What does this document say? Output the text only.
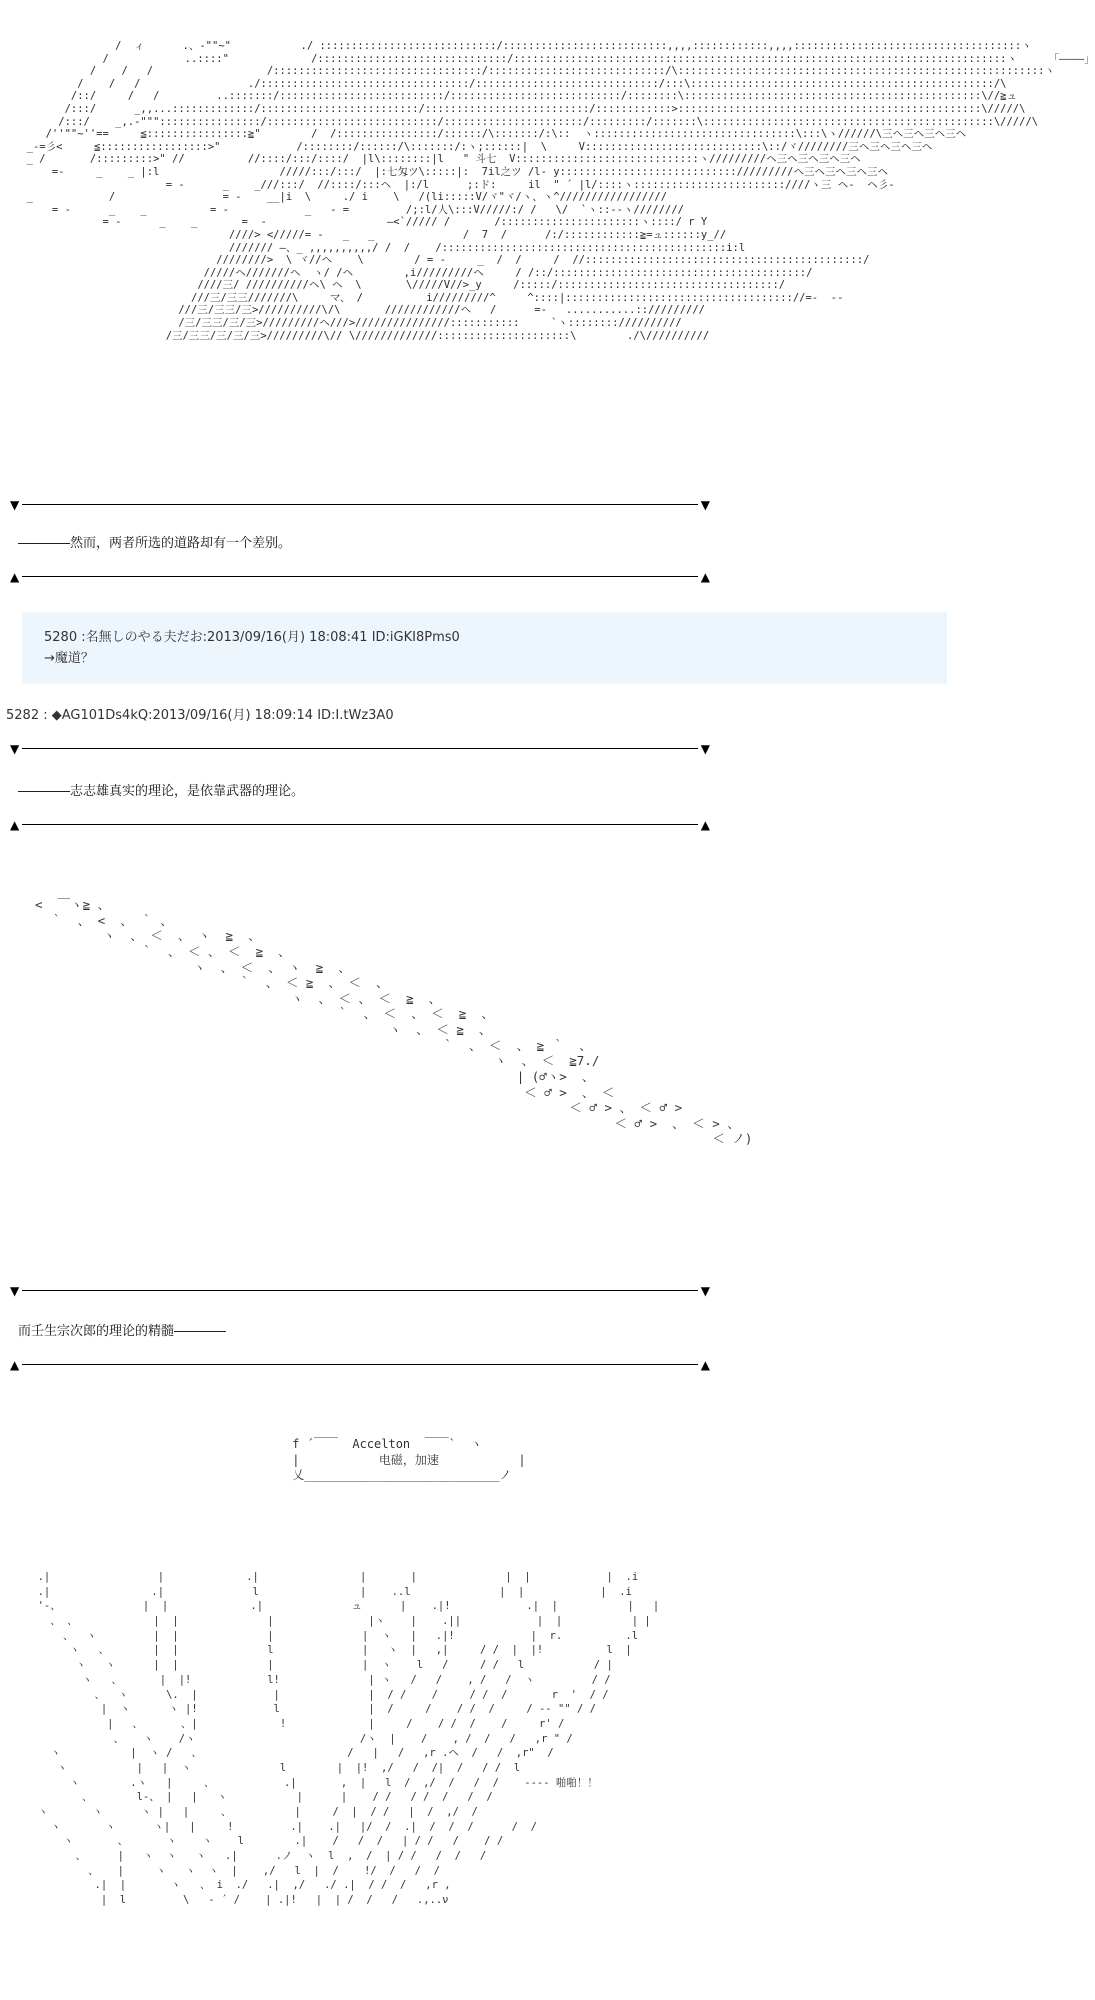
/  ィ      .、-""~"           ./ ::::::::::::::::::::::::::::/::::::::::::::::::::::::::,,,,::::::::::::,,,,::::::::::::::::::::::::::::::::::::ヽ
/            ..::::"             /::::::::::::::::::::::::::::::/::::::::::::::::::::::::::::::::::::::::::::::::::::::::::::::::::::::::::::::ヽ     「――――」
/    /   /                  /:::::::::::::::::::::::::::::::::/::::::::::::::::::::::::::::/\::::::::::::::::::::::::::::::::::::::::::::::::::::::::::ヽ
/    /   /                 ./:::::::::::::::::::::::::::::::::/:::::::::::::::::::::::::::::/:::\::::::::::::::::::::::::::::::::::::::::::::::::/\
/::/     /   /         ..:::::::/::::::::::::::::::::::::::/:::::::::::::::::::::::::::/::::::::\:::::::::::::::::::::::::::::::::::::::::::::::\//≧ュ
/:::/      _,,...:::::::::::::/:::::::::::::::::::::::::/::::::::::::::::::::::::::/::::::::::::>::::::::::::::::::::::::::::::::::::::::::::::::\/////\
/:::/    _,.-"""::::::::::::::::/:::::::::::::::::::::::::::/::::::::::::::::::::::/:::::::::/:::::::\::::::::::::::::::::::::::::::::::::::::::::::\/////\
/''""~''==     ≦::::::::::::::::≧"        /  /::::::::::::::::/::::::/\:::::::/:\::  ヽ::::::::::::::::::::::::::::::::\:::\ヽ//////\三ヘ三ヘ三ヘ三ヘ
_-=彡<     ≦:::::::::::::::::>"            /::::::::/::::::/\:::::::/:ヽ;::::::|  \     V::::::::::::::::::::::::::::\::/ヾ////////三ヘ三ヘ三ヘ三ヘ
_ /       /:::::::::>" //          //::::/:::/::::/  |l\::::::::|l   " 斗七  V:::::::::::::::::::::::::::::ヽ/////////ヘ三ヘ三ヘ三ヘ三ヘ
=-     _    _ |:l                   /////:::/:::/  |:七匁ツ\:::::|:  7il之ツ /l- y:::::::::::::::::::::::::::://///////ヘ三ヘ三ヘ三ヘ三ヘ
= -      _    _///:::/  //::::/:::ヘ  |:/l      ;:ド:     il  " ´ |l/::::ヽ::::::::::::::::::::::::////ヽ三 ヘ-  ヘ彡-
_            /                 = -    __|i  \     ./ i    \   /(li:::::V/ヾ"ヾ/ヽ、ヽ^/////////////////
= -      _    _          = -            _   - =         /;:l/人\:::V/////:/ /   \/  `ヽ::--ヽ////////
= -      _    _       =  -                   ―<`///// /       /::::::::::::::::::::::ヽ::::/ r Y
////> </////= -   _   _              /  7  /      /:/::::::::::::≧=ュ::::::y_//
/////// ―、_ ,,,,,,,,,,/ /  /    /:::::::::::::::::::::::::::::::::::::::::::::i:l
////////>  \ ヾ//ヘ    \        / = -     _  /  /     /  //::::::::::::::::::::::::::::::::::::::::::::/
/////ヘ///////ヘ  ヽ/ /ヘ        ,i/////////ヘ     / /::/::::::::::::::::::::::::::::::::::::::::/
////三/ //////////ヘ\ ヘ  \       \/////V//>_y     /:::::/:::::::::::::::::::::::::::::::::::/
///三/三三///////\     マ、 /          i/////////^     ^::::|:::::::::::::::::::::::::::::::::::://=-  --
///三/三三/三>//////////\/\       ////////////ヘ   /      =-   ...........:://///////
/三/三三/三/三>/////////ヘ///>///////////////:::::::::::     `ヽ:::::::://////////
/三/三三/三/三/三>/////////\// \/////////////:::::::::::::::::::::\        ./\//////////
▼	▼
――――然而，两者所选的道路却有一个差别。
▲	▲
5280 :名無しのやる夫だお:2013/09/16(月) 18:08:41 ID:iGKI8Pms0
→魔道？
5282 : ◆AG101Ds4kQ:2013/09/16(月) 18:09:14 ID:I.tWz3A0
▼	▼
――――志志雄真实的理论，是依靠武器的理论。
▲	▲
<  ￣ヽ≧ 、
｀  、 <  、 ｀ 、
ヽ  、 ＜  、 ヽ  ≧  、
｀  、 ＜ 、 ＜  ≧  、
ヽ  、 ＜  、 ヽ  ≧  、
｀  、 ＜ ≧  、 ＜  、
ヽ  、 ＜ 、 ＜  ≧  、
｀  、 ＜  、 ＜  ≧  、
ヽ  、 ＜ ≧  、
｀  、 ＜  、 ≧ ｀  、
ヽ  、 ＜  ≧7./
| (♂ヽ>  、
＜ ♂ >  、 ＜
＜ ♂ > 、 ＜ ♂ >
＜ ♂ >  、 ＜ > 、
＜ ノ)
▼	▼
而壬生宗次郎的理论的精髓――――
▲	▲
f ´￣￣  Accelton  ￣￣`  ヽ
|           电磁，加速           |
乂___________________________ノ
.|                 |             .|                |       |              |  |            |  .i
.|                .|              l                |    ..l              |  |            |  .i
'-、             |  |             .|              ュ      |    .|!            .|  |           |   |
、 、            |  |              |               |ヽ    |    .||            |  |           | |
、  ヽ         |  |              |              |  ヽ   |   .|!            |  r.          .l
ヽ   、       |  |              l              |   ヽ  |   ,|     / /  |  |!          l  |
ヽ   ヽ      |  |              |              |  ヽ    l   /     / /   l           / |
ヽ   、      |  |!            l!              | ヽ   /   /    , /   /  ヽ         / /
、  ヽ      \.  |            |              |  / /    /     / /  /       r  '  / /
|  ヽ      ヽ |!            l              |  /     /    / /  /     / -- "" / /
|   、      、|             !             |     /    / /  /    /     r' /
、   ヽ    /ヽ                          /ヽ  |    /    , /  /   /   ,r " /
ヽ           |  ヽ /   、                       /   |   /   ,r .ヘ  /   /  ,r"  /
ヽ           |   |  ヽ              l        |  |!  ,/   /  /|  /   / /  l
ヽ        .ヽ   |     、           .|       ,  |   l  /  ,/  /   /  /    ---- 啪啪！！
、       l-、 |   |   ヽ           |      |    / /   / /  /   /  /
ヽ       ヽ      ヽ |   |     、          |     /  |  / /   |  /  ,/  /
ヽ       ヽ      ヽ|   |     !         .|    .|   |/  /  .|  /  /  /      /  /
ヽ       、      ヽ    ヽ    l        .|    /   /  /   | / /   /    / /
、     |   ヽ  ヽ   ヽ   .|      .ノ  ヽ  l  ,  /  | / /   /  /   /
、   |     ヽ   ヽ  ヽ  |    ,/   l  |  /    !/  /   /  /
.|  |       ヽ   、 i  ./   .|  ,/   ./ .|  / /  /   ,r ,
|  l         \   - ´ /    | .|!   |  | /  /   /   .,..ν
